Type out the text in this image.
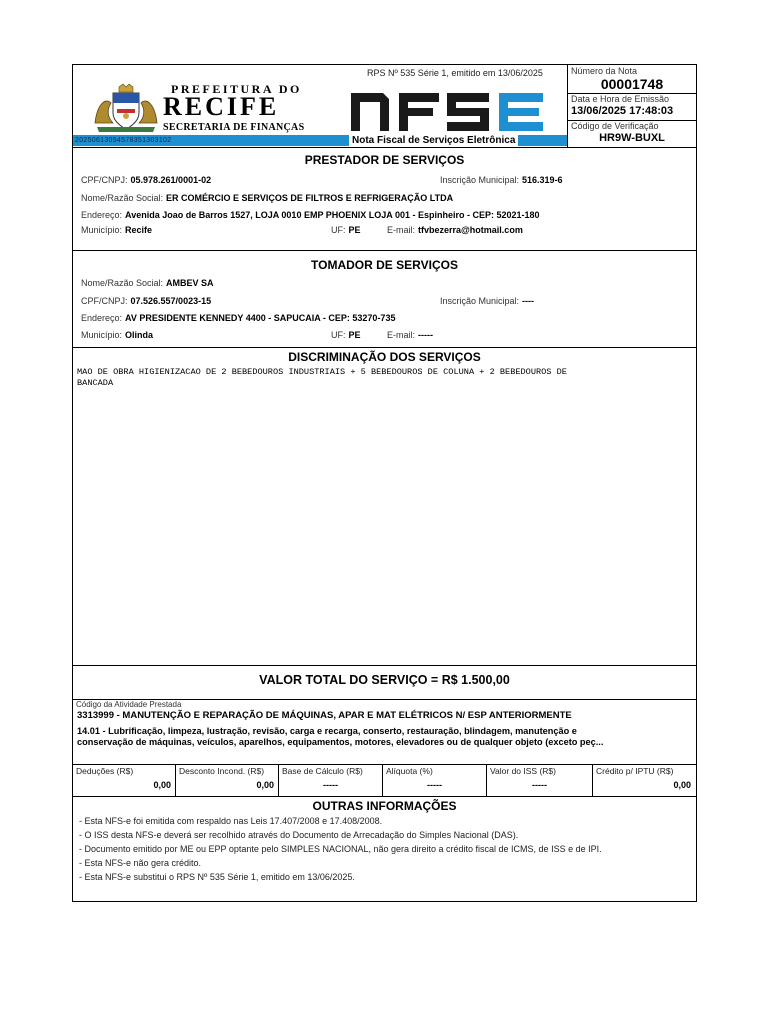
PREFEITURA DO
RECIFE
SECRETARIA DE FINANÇAS
20250613054578351303102
RPS Nº 535 Série 1, emitido em 13/06/2025
Nota Fiscal de Serviços Eletrônica
Número da Nota
00001748
Data e Hora de Emissão
13/06/2025 17:48:03
Código de Verificação
HR9W-BUXL
PRESTADOR DE SERVIÇOS
CPF/CNPJ: 05.978.261/0001-02	Inscrição Municipal: 516.319-6
Nome/Razão Social: ER COMÉRCIO E SERVIÇOS DE FILTROS E REFRIGERAÇÃO LTDA
Endereço: Avenida Joao de Barros 1527, LOJA 0010 EMP PHOENIX LOJA 001 - Espinheiro - CEP: 52021-180
Município: Recife	UF: PE	E-mail: tfvbezerra@hotmail.com
TOMADOR DE SERVIÇOS
Nome/Razão Social: AMBEV SA
CPF/CNPJ: 07.526.557/0023-15	Inscrição Municipal: ----
Endereço: AV PRESIDENTE KENNEDY 4400 - SAPUCAIA - CEP: 53270-735
Município: Olinda	UF: PE	E-mail: -----
DISCRIMINAÇÃO DOS SERVIÇOS
MAO DE OBRA HIGIENIZACAO DE 2 BEBEDOUROS INDUSTRIAIS + 5 BEBEDOUROS DE COLUNA + 2 BEBEDOUROS DE
BANCADA
VALOR TOTAL DO SERVIÇO = R$ 1.500,00
Código da Atividade Prestada
3313999 - MANUTENÇÃO E REPARAÇÃO DE MÁQUINAS, APAR E MAT ELÉTRICOS N/ ESP ANTERIORMENTE
14.01 - Lubrificação, limpeza, lustração, revisão, carga e recarga, conserto, restauração, blindagem, manutenção e
conservação de máquinas, veículos, aparelhos, equipamentos, motores, elevadores ou de qualquer objeto (exceto peç...
Deduções (R$)
0,00
Desconto Incond. (R$)
0,00
Base de Cálculo (R$)
-----
Alíquota (%)
-----
Valor do ISS (R$)
-----
Crédito p/ IPTU (R$)
0,00
OUTRAS INFORMAÇÕES
- Esta NFS-e foi emitida com respaldo nas Leis 17.407/2008 e 17.408/2008.
- O ISS desta NFS-e deverá ser recolhido através do Documento de Arrecadação do Simples Nacional (DAS).
- Documento emitido por ME ou EPP optante pelo SIMPLES NACIONAL, não gera direito a crédito fiscal de ICMS, de ISS e de IPI.
- Esta NFS-e não gera crédito.
- Esta NFS-e substitui o RPS Nº 535 Série 1, emitido em 13/06/2025.
